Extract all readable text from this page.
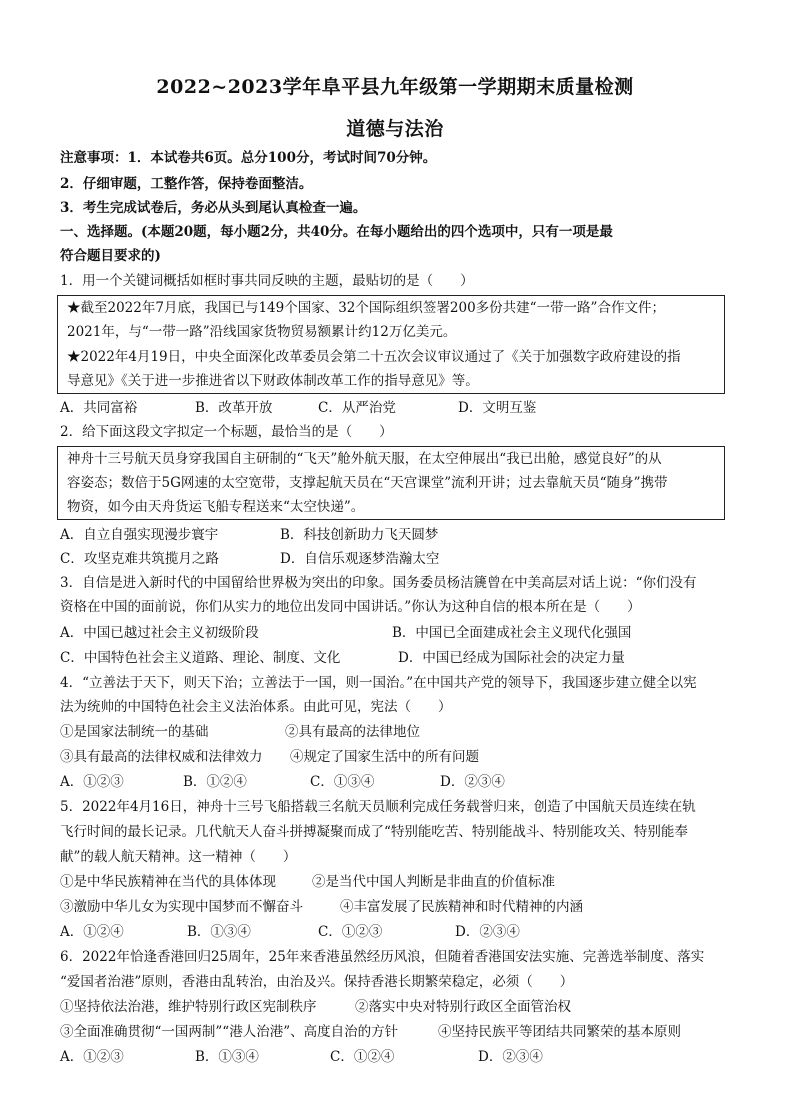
2022~2023学年阜平县九年级第一学期期末质量检测
道德与法治
注意事项：1．本试卷共6页。总分100分，考试时间70分钟。
2．仔细审题，工整作答，保持卷面整洁。
3．考生完成试卷后，务必从头到尾认真检查一遍。
一、选择题。(本题20题，每小题2分，共40分。在每小题给出的四个选项中，只有一项是最
符合题目要求的)
1．用一个关键词概括如框时事共同反映的主题，最贴切的是（　　）
★截至2022年7月底，我国已与149个国家、32个国际组织签署200多份共建“一带一路”合作文件；
2021年，与“一带一路”沿线国家货物贸易额累计约12万亿美元。
★2022年4月19日，中央全面深化改革委员会第二十五次会议审议通过了《关于加强数字政府建设的指
导意见》《关于进一步推进省以下财政体制改革工作的指导意见》等。
A．共同富裕	B．改革开放	C．从严治党	D．文明互鉴
2．给下面这段文字拟定一个标题，最恰当的是（　　）
神舟十三号航天员身穿我国自主研制的“飞天”舱外航天服，在太空伸展出“我已出舱，感觉良好”的从
容姿态；数倍于5G网速的太空宽带，支撑起航天员在“天宫课堂”流利开讲；过去靠航天员“随身”携带
物资，如今由天舟货运飞船专程送来“太空快递”。
A．自立自强实现漫步寰宇	B．科技创新助力飞天圆梦
C．攻坚克难共筑揽月之路	D．自信乐观逐梦浩瀚太空
3．自信是进入新时代的中国留给世界极为突出的印象。国务委员杨洁篪曾在中美高层对话上说：“你们没有
资格在中国的面前说，你们从实力的地位出发同中国讲话。”你认为这种自信的根本所在是（　　）
A．中国已越过社会主义初级阶段	B．中国已全面建成社会主义现代化强国
C．中国特色社会主义道路、理论、制度、文化	D．中国已经成为国际社会的决定力量
4．“立善法于天下，则天下治；立善法于一国，则一国治。”在中国共产党的领导下，我国逐步建立健全以宪
法为统帅的中国特色社会主义法治体系。由此可见，宪法（　　）
①是国家法制统一的基础	②具有最高的法律地位
③具有最高的法律权威和法律效力 ④规定了国家生活中的所有问题
A．①②③	B．①②④	C．①③④	D．②③④
5．2022年4月16日，神舟十三号飞船搭载三名航天员顺利完成任务载誉归来，创造了中国航天员连续在轨
飞行时间的最长记录。几代航天人奋斗拼搏凝聚而成了“特别能吃苦、特别能战斗、特别能攻关、特别能奉
献”的载人航天精神。这一精神（　　）
①是中华民族精神在当代的具体体现	②是当代中国人判断是非曲直的价值标准
③激励中华儿女为实现中国梦而不懈奋斗	④丰富发展了民族精神和时代精神的内涵
A．①②④	B．①③④	C．①②③	D．②③④
6．2022年恰逢香港回归25周年，25年来香港虽然经历风浪，但随着香港国安法实施、完善选举制度、落实
“爱国者治港”原则，香港由乱转治，由治及兴。保持香港长期繁荣稳定，必须（　　）
①坚持依法治港，维护特别行政区宪制秩序	②落实中央对特别行政区全面管治权
③全面准确贯彻“一国两制”“港人治港”、高度自治的方针	④坚持民族平等团结共同繁荣的基本原则
A．①②③	B．①③④	C．①②④	D．②③④
